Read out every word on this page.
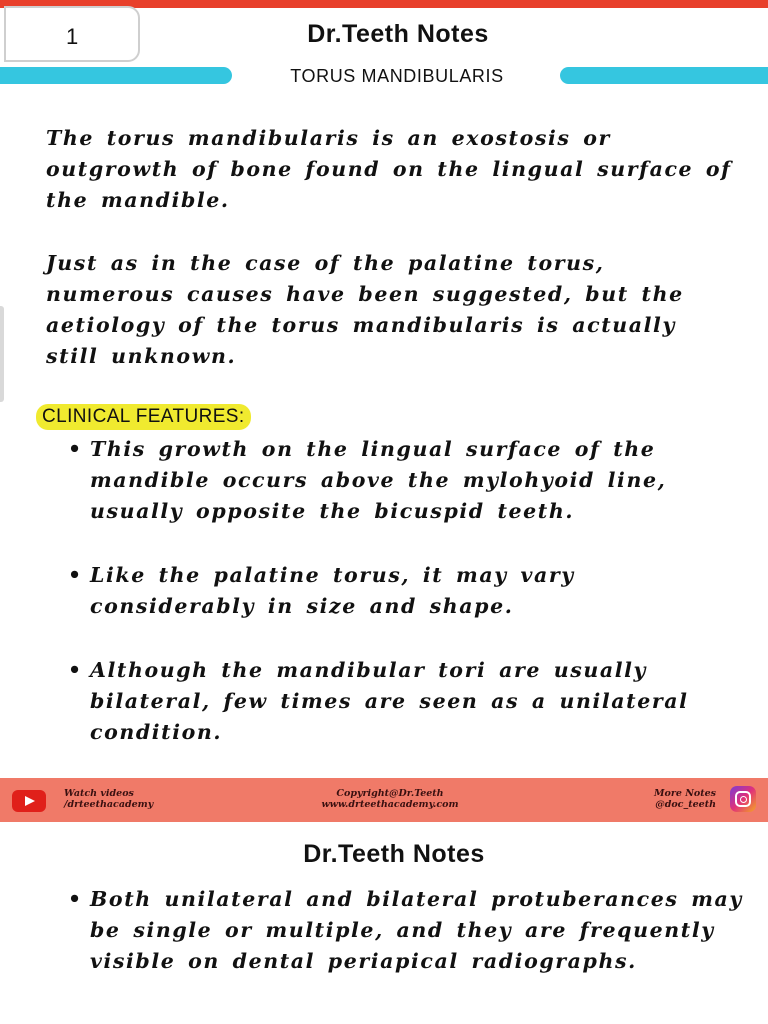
1	Dr.Teeth Notes
TORUS MANDIBULARIS

The torus mandibularis is an exostosis or outgrowth of bone found on the lingual surface of the mandible.

Just as in the case of the palatine torus, numerous causes have been suggested, but the aetiology of the torus mandibularis is actually still unknown.

CLINICAL FEATURES:
• This growth on the lingual surface of the mandible occurs above the mylohyoid line, usually opposite the bicuspid teeth.
• Like the palatine torus, it may vary considerably in size and shape.
• Although the mandibular tori are usually bilateral, few times are seen as a unilateral condition.
Watch videos
/drteethacademy
Copyright@Dr.Teeth
www.drteethacademy.com
More Notes
@doc_teeth
Dr.Teeth Notes
• Both unilateral and bilateral protuberances may be single or multiple, and they are frequently visible on dental periapical radiographs.
